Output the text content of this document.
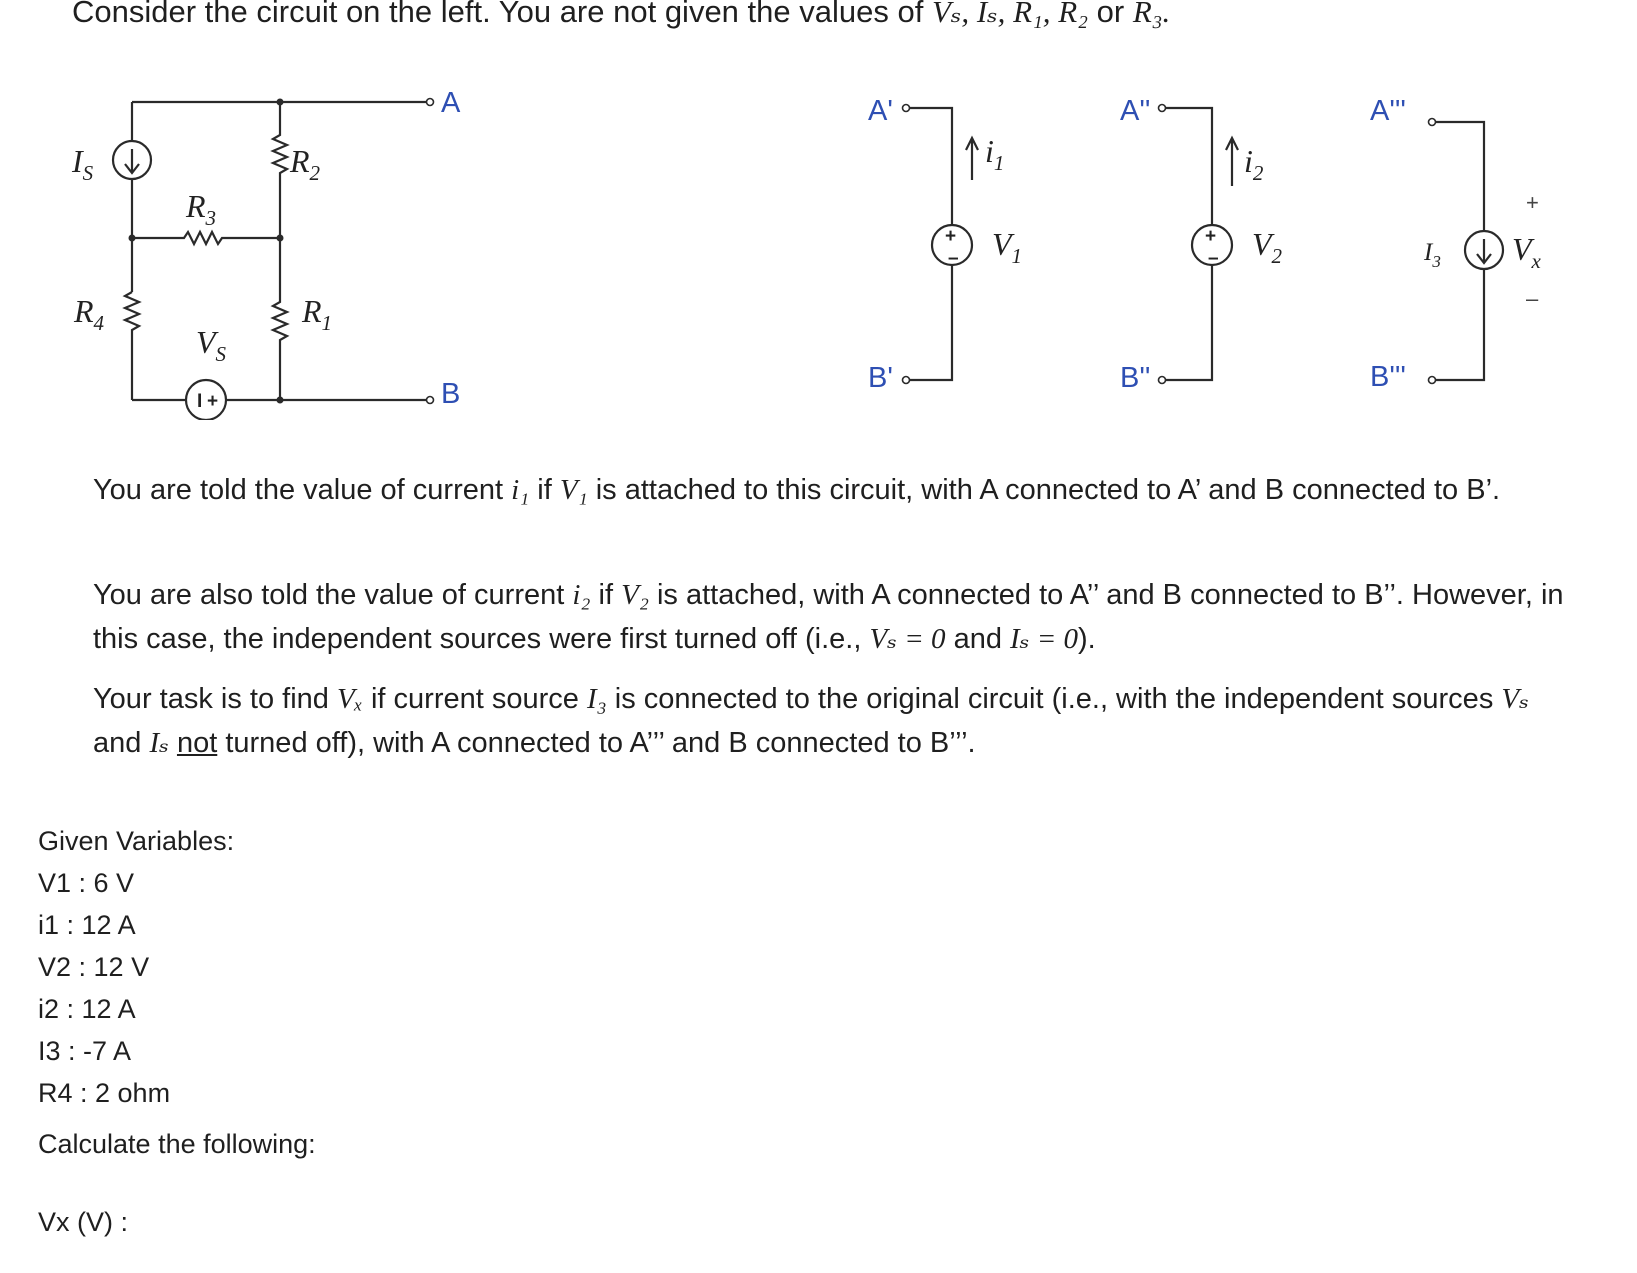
Consider the circuit on the left. You are not given the values of Vₛ, Iₛ, R₁, R₂ or R₃.
I +
$I_S$	$R_2$
$R_3$
$R_4$	$R_1$
$V_S$
A
B
A'
B'
+
–
$i_1$
$V_1$
A''
B''
+
–
$i_2$
$V_2$
A'''
B'''
$I_3$
+
$V_x$
–
You are told the value of current i₁ if V₁ is attached to this circuit, with A connected to A’ and B connected to B’.
You are also told the value of current i₂ if V₂ is attached, with A connected to A’’ and B connected to B’’. However, in this case, the independent sources were first turned off (i.e., Vₛ = 0 and Iₛ = 0).
Your task is to find Vₓ if current source I₃ is connected to the original circuit (i.e., with the independent sources Vₛ and Iₛ not turned off), with A connected to A’’’ and B connected to B’’’.
Given Variables:
V1 : 6 V
i1 : 12 A
V2 : 12 V
i2 : 12 A
I3 : -7 A
R4 : 2 ohm
Calculate the following:
Vx (V) :
